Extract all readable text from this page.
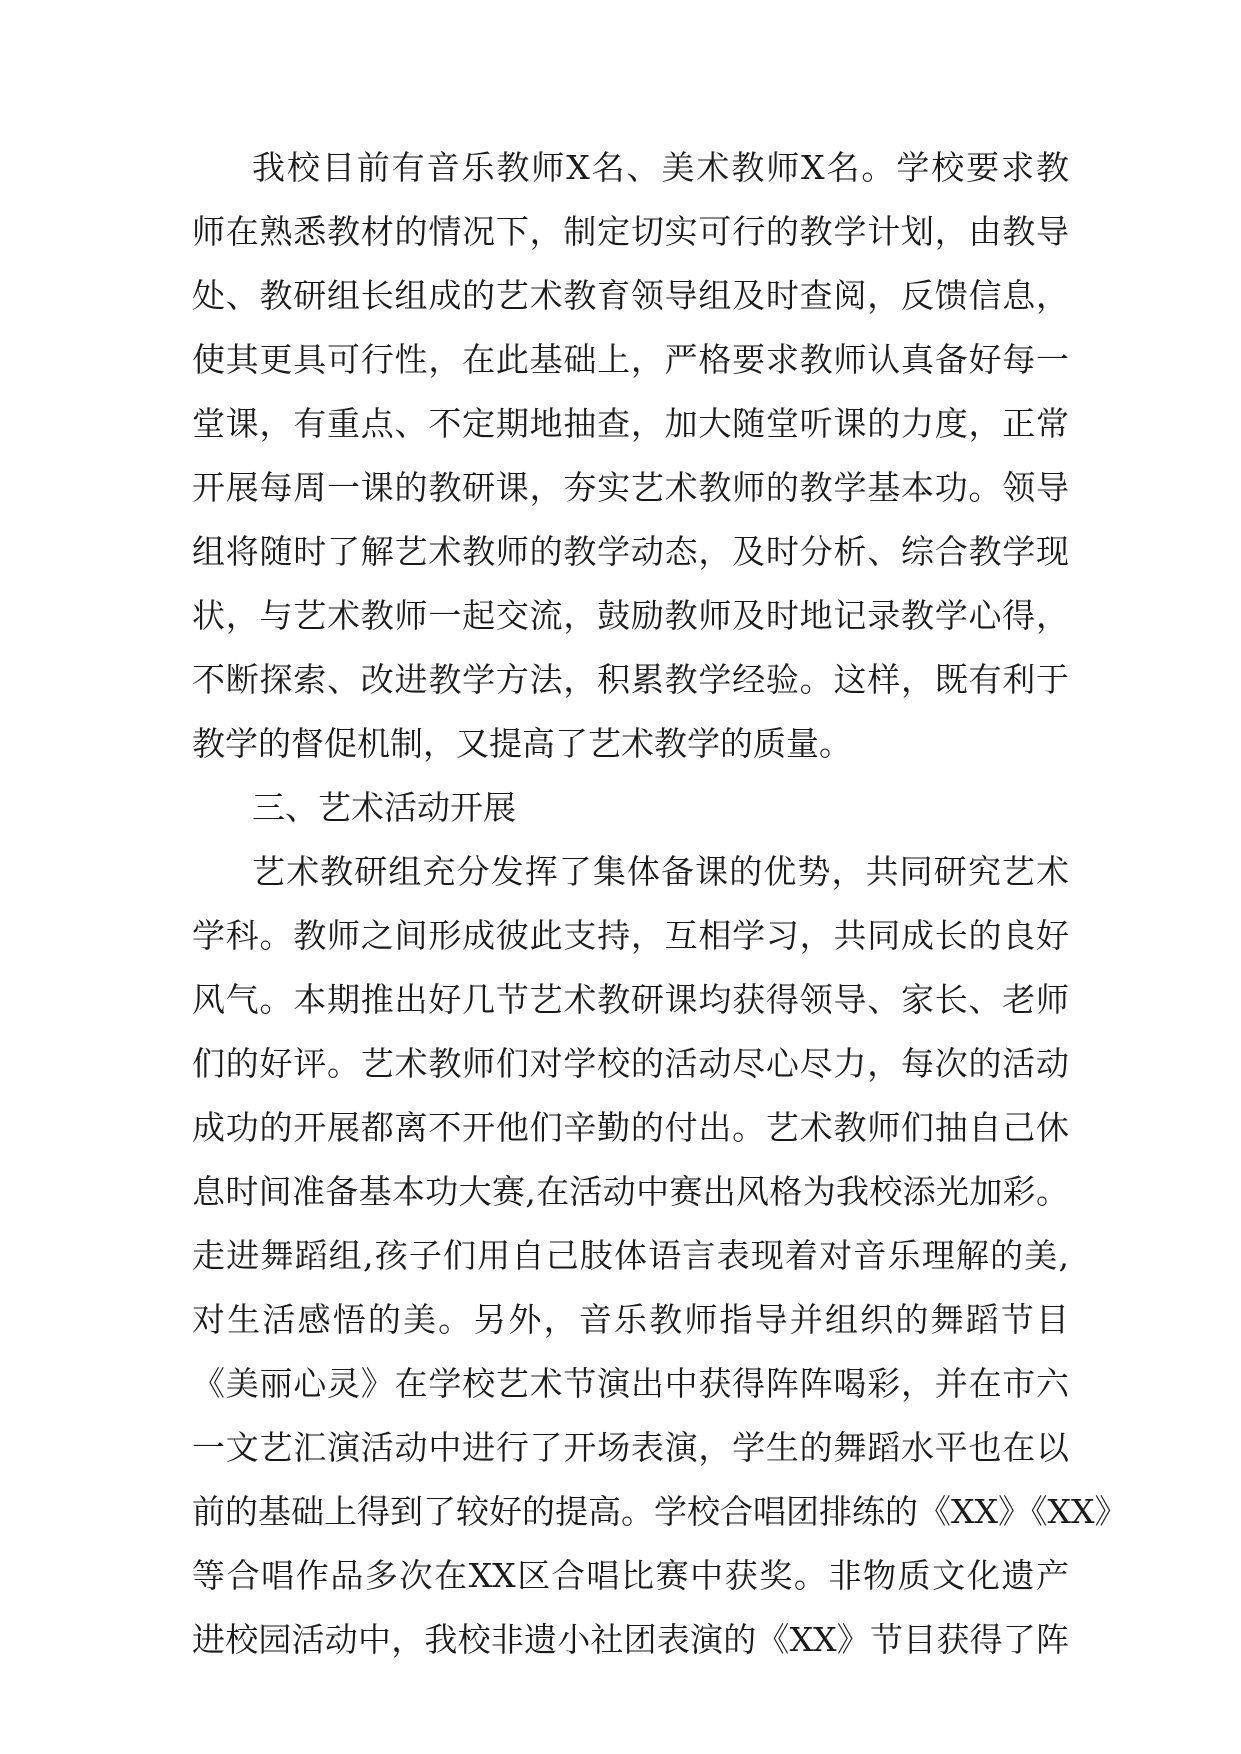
我校目前有音乐教师X名、美术教师X名。学校要求教
师在熟悉教材的情况下，制定切实可行的教学计划，由教导
处、教研组长组成的艺术教育领导组及时查阅，反馈信息，
使其更具可行性，在此基础上，严格要求教师认真备好每一
堂课，有重点、不定期地抽查，加大随堂听课的力度，正常
开展每周一课的教研课，夯实艺术教师的教学基本功。领导
组将随时了解艺术教师的教学动态，及时分析、综合教学现
状，与艺术教师一起交流，鼓励教师及时地记录教学心得，
不断探索、改进教学方法，积累教学经验。这样，既有利于
教学的督促机制，又提高了艺术教学的质量。
三、艺术活动开展
艺术教研组充分发挥了集体备课的优势，共同研究艺术
学科。教师之间形成彼此支持，互相学习，共同成长的良好
风气。本期推出好几节艺术教研课均获得领导、家长、老师
们的好评。艺术教师们对学校的活动尽心尽力，每次的活动
成功的开展都离不开他们辛勤的付出。艺术教师们抽自己休
息时间准备基本功大赛,在活动中赛出风格为我校添光加彩。
走进舞蹈组,孩子们用自己肢体语言表现着对音乐理解的美,
对生活感悟的美。另外，音乐教师指导并组织的舞蹈节目
《美丽心灵》在学校艺术节演出中获得阵阵喝彩，并在市六
一文艺汇演活动中进行了开场表演，学生的舞蹈水平也在以
前的基础上得到了较好的提高。学校合唱团排练的《XX》《XX》
等合唱作品多次在XX区合唱比赛中获奖。非物质文化遗产
进校园活动中，我校非遗小社团表演的《XX》节目获得了阵
